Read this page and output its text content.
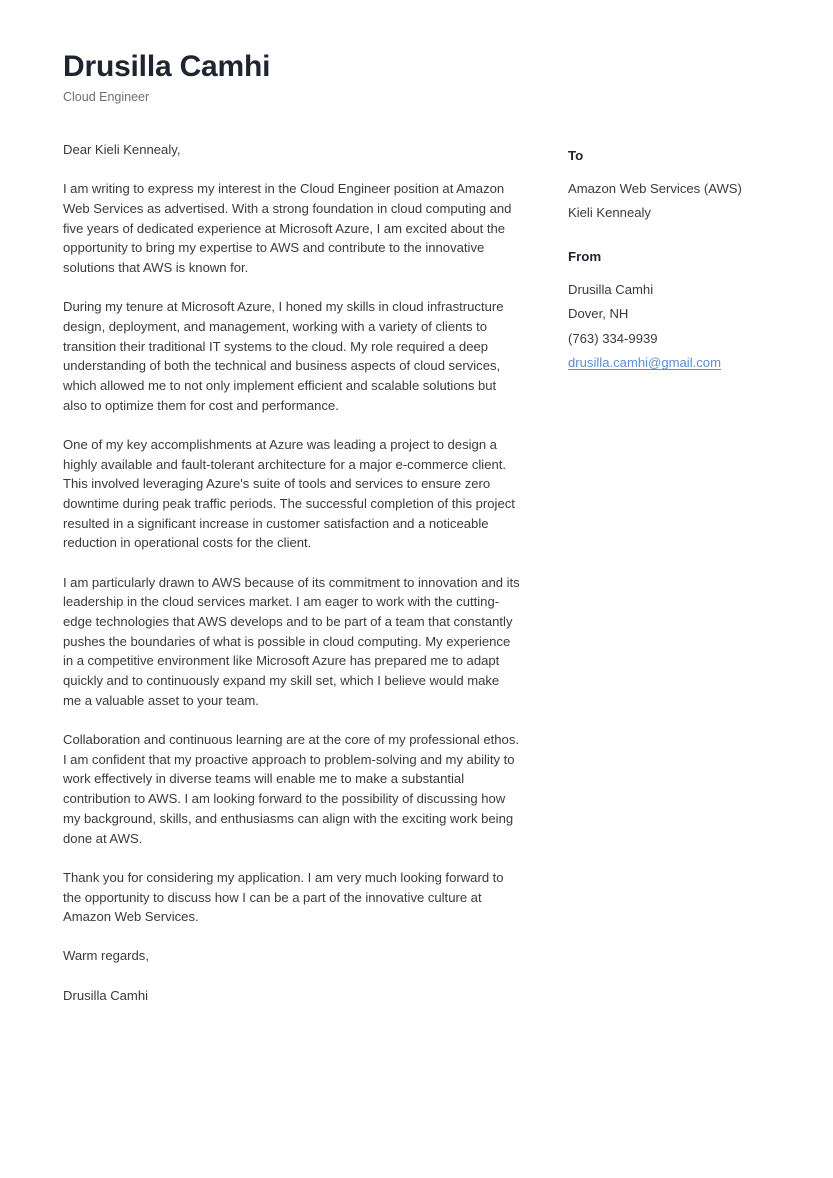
Drusilla Camhi
Cloud Engineer

Dear Kieli Kennealy,

I am writing to express my interest in the Cloud Engineer position at Amazon Web Services as advertised. With a strong foundation in cloud computing and five years of dedicated experience at Microsoft Azure, I am excited about the opportunity to bring my expertise to AWS and contribute to the innovative solutions that AWS is known for.

During my tenure at Microsoft Azure, I honed my skills in cloud infrastructure design, deployment, and management, working with a variety of clients to transition their traditional IT systems to the cloud. My role required a deep understanding of both the technical and business aspects of cloud services, which allowed me to not only implement efficient and scalable solutions but also to optimize them for cost and performance.

One of my key accomplishments at Azure was leading a project to design a highly available and fault-tolerant architecture for a major e-commerce client. This involved leveraging Azure's suite of tools and services to ensure zero downtime during peak traffic periods. The successful completion of this project resulted in a significant increase in customer satisfaction and a noticeable reduction in operational costs for the client.

I am particularly drawn to AWS because of its commitment to innovation and its leadership in the cloud services market. I am eager to work with the cutting-edge technologies that AWS develops and to be part of a team that constantly pushes the boundaries of what is possible in cloud computing. My experience in a competitive environment like Microsoft Azure has prepared me to adapt quickly and to continuously expand my skill set, which I believe would make me a valuable asset to your team.

Collaboration and continuous learning are at the core of my professional ethos. I am confident that my proactive approach to problem-solving and my ability to work effectively in diverse teams will enable me to make a substantial contribution to AWS. I am looking forward to the possibility of discussing how my background, skills, and enthusiasms can align with the exciting work being done at AWS.

Thank you for considering my application. I am very much looking forward to the opportunity to discuss how I can be a part of the innovative culture at Amazon Web Services.

Warm regards,

Drusilla Camhi

To
Amazon Web Services (AWS)
Kieli Kennealy
From
Drusilla Camhi
Dover, NH
(763) 334-9939
drusilla.camhi@gmail.com
